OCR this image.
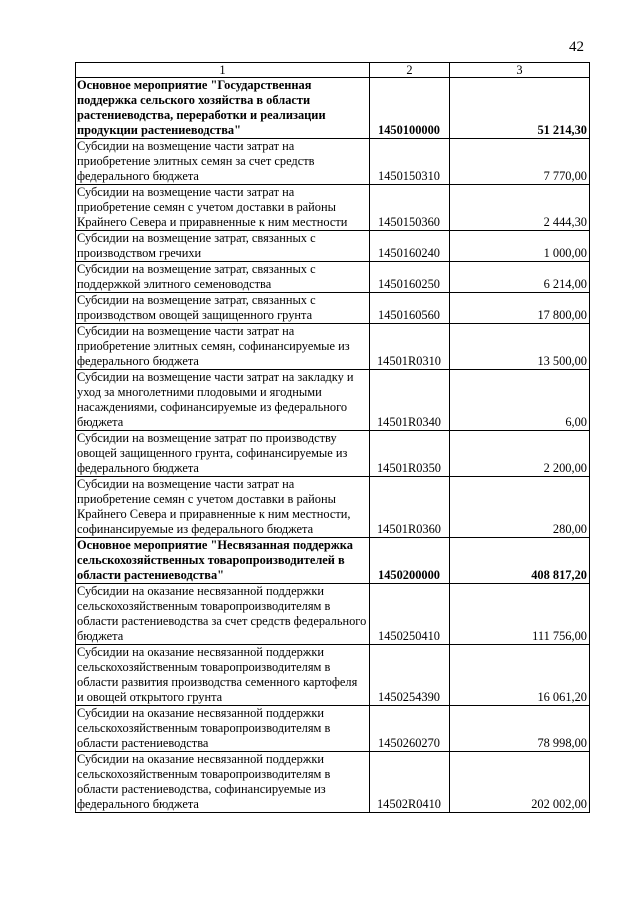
42
1	2	3
Основное мероприятие "Государственная поддержка сельского хозяйства в области растениеводства, переработки и реализации продукции растениеводства"	1450100000	51 214,30
Субсидии на возмещение части затрат на приобретение элитных семян за счет средств федерального бюджета	1450150310	7 770,00
Субсидии на возмещение части затрат на приобретение семян с учетом доставки в районы Крайнего Севера и приравненные к ним местности	1450150360	2 444,30
Субсидии на возмещение затрат, связанных с производством гречихи	1450160240	1 000,00
Субсидии на возмещение затрат, связанных с поддержкой элитного семеноводства	1450160250	6 214,00
Субсидии на возмещение затрат, связанных с производством овощей защищенного грунта	1450160560	17 800,00
Субсидии на возмещение части затрат на приобретение элитных семян, софинансируемые из федерального бюджета	14501R0310	13 500,00
Субсидии на возмещение части затрат на закладку и уход за многолетними плодовыми и ягодными насаждениями, софинансируемые из федерального бюджета	14501R0340	6,00
Субсидии на возмещение затрат по производству овощей защищенного грунта, софинансируемые из федерального бюджета	14501R0350	2 200,00
Субсидии на возмещение части затрат на приобретение семян с учетом доставки в районы Крайнего Севера и приравненные к ним местности, софинансируемые из федерального бюджета	14501R0360	280,00
Основное мероприятие "Несвязанная поддержка сельскохозяйственных товаропроизводителей в области растениеводства"	1450200000	408 817,20
Субсидии на оказание несвязанной поддержки сельскохозяйственным товаропроизводителям в области растениеводства за счет средств федерального бюджета	1450250410	111 756,00
Субсидии на оказание несвязанной поддержки сельскохозяйственным товаропроизводителям в области развития производства семенного картофеля и овощей открытого грунта	1450254390	16 061,20
Субсидии на оказание несвязанной поддержки сельскохозяйственным товаропроизводителям в области растениеводства	1450260270	78 998,00
Субсидии на оказание несвязанной поддержки сельскохозяйственным товаропроизводителям в области растениеводства, софинансируемые из федерального бюджета	14502R0410	202 002,00
